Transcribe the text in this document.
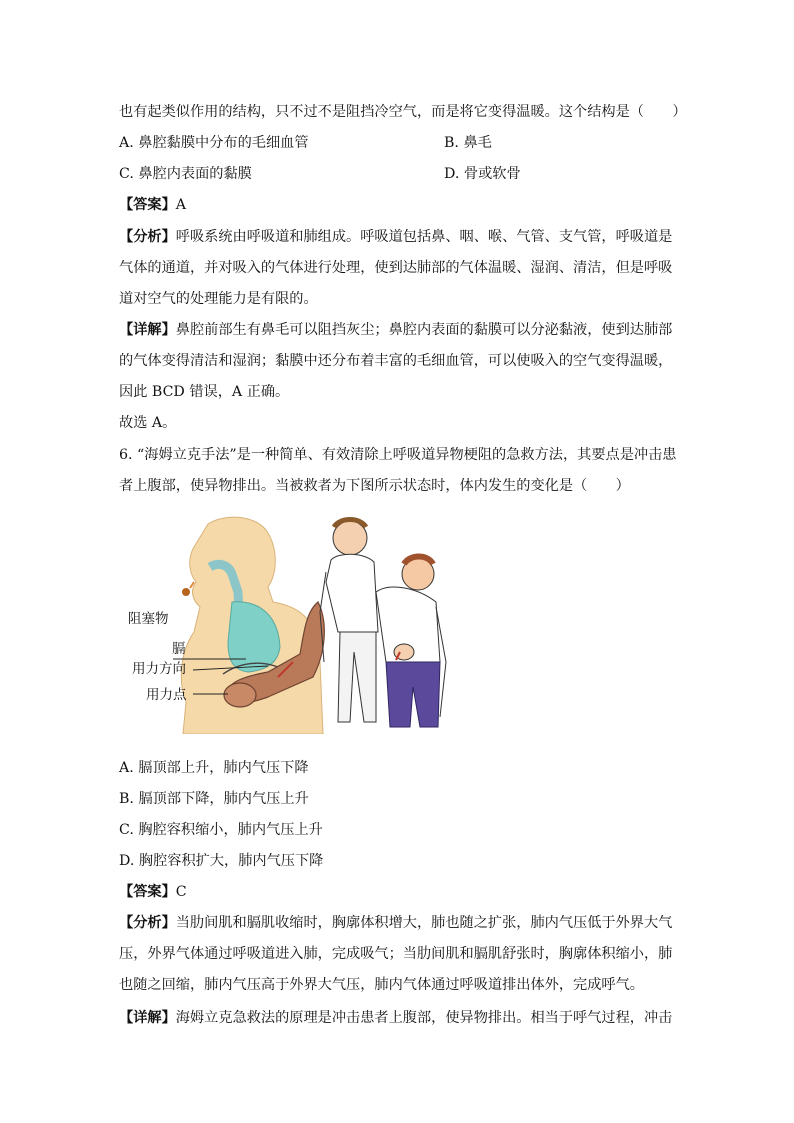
也有起类似作用的结构，只不过不是阻挡冷空气，而是将它变得温暖。这个结构是（　　）
A. 鼻腔黏膜中分布的毛细血管	B. 鼻毛
C. 鼻腔内表面的黏膜	D. 骨或软骨
【答案】A
【分析】呼吸系统由呼吸道和肺组成。呼吸道包括鼻、咽、喉、气管、支气管，呼吸道是
气体的通道，并对吸入的气体进行处理，使到达肺部的气体温暖、湿润、清洁，但是呼吸
道对空气的处理能力是有限的。
【详解】鼻腔前部生有鼻毛可以阻挡灰尘；鼻腔内表面的黏膜可以分泌黏液，使到达肺部
的气体变得清洁和湿润；黏膜中还分布着丰富的毛细血管，可以使吸入的空气变得温暖，
因此 BCD 错误，A 正确。
故选 A。
6. “海姆立克手法”是一种简单、有效清除上呼吸道异物梗阻的急救方法，其要点是冲击患
者上腹部，使异物排出。当被救者为下图所示状态时，体内发生的变化是（　　）
阻塞物
膈
用力方向
用力点
A. 膈顶部上升，肺内气压下降
B. 膈顶部下降，肺内气压上升
C. 胸腔容积缩小，肺内气压上升
D. 胸腔容积扩大，肺内气压下降
【答案】C
【分析】当肋间肌和膈肌收缩时，胸廓体积增大，肺也随之扩张，肺内气压低于外界大气
压，外界气体通过呼吸道进入肺，完成吸气；当肋间肌和膈肌舒张时，胸廓体积缩小，肺
也随之回缩，肺内气压高于外界大气压，肺内气体通过呼吸道排出体外，完成呼气。
【详解】海姆立克急救法的原理是冲击患者上腹部，使异物排出。相当于呼气过程，冲击
